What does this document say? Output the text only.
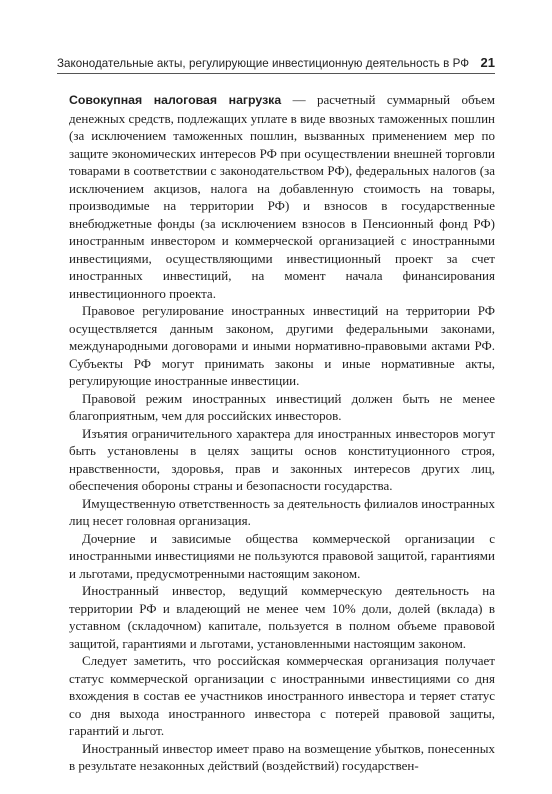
Законодательные акты, регулирующие инвестиционную деятельность в РФ 21

Совокупная налоговая нагрузка — расчетный суммарный объем денежных средств, подлежащих уплате в виде ввозных таможенных пошлин (за исключением таможенных пошлин, вызванных применением мер по защите экономических интересов РФ при осуществлении внешней торговли товарами в соответствии с законодательством РФ), федеральных налогов (за исключением акцизов, налога на добавленную стоимость на товары, производимые на территории РФ) и взносов в государственные внебюджетные фонды (за исключением взносов в Пенсионный фонд РФ) иностранным инвестором и коммерческой организацией с иностранными инвестициями, осуществляющими инвестиционный проект за счет иностранных инвестиций, на момент начала финансирования инвестиционного проекта.

Правовое регулирование иностранных инвестиций на территории РФ осуществляется данным законом, другими федеральными законами, международными договорами и иными нормативно-правовыми актами РФ. Субъекты РФ могут принимать законы и иные нормативные акты, регулирующие иностранные инвестиции.

Правовой режим иностранных инвестиций должен быть не менее благоприятным, чем для российских инвесторов.

Изъятия ограничительного характера для иностранных инвесторов могут быть установлены в целях защиты основ конституционного строя, нравственности, здоровья, прав и законных интересов других лиц, обеспечения обороны страны и безопасности государства.

Имущественную ответственность за деятельность филиалов иностранных лиц несет головная организация.

Дочерние и зависимые общества коммерческой организации с иностранными инвестициями не пользуются правовой защитой, гарантиями и льготами, предусмотренными настоящим законом.

Иностранный инвестор, ведущий коммерческую деятельность на территории РФ и владеющий не менее чем 10% доли, долей (вклада) в уставном (складочном) капитале, пользуется в полном объеме правовой защитой, гарантиями и льготами, установленными настоящим законом.

Следует заметить, что российская коммерческая организация получает статус коммерческой организации с иностранными инвестициями со дня вхождения в состав ее участников иностранного инвестора и теряет статус со дня выхода иностранного инвестора с потерей правовой защиты, гарантий и льгот.

Иностранный инвестор имеет право на возмещение убытков, понесенных в результате незаконных действий (воздействий) государствен-
